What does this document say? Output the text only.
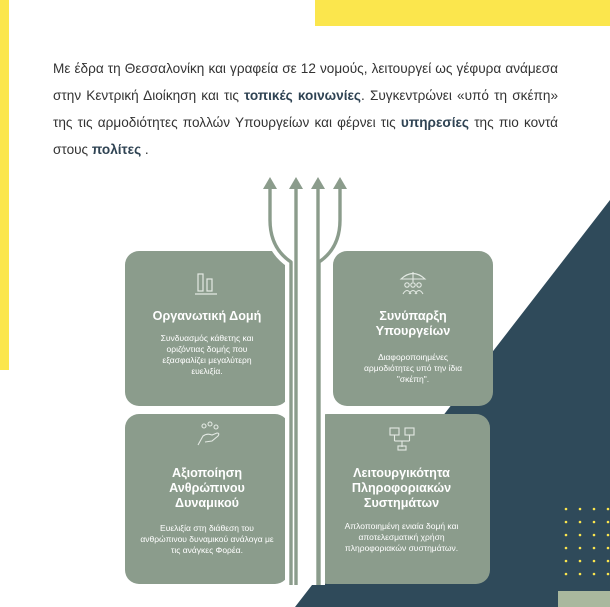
Με έδρα τη Θεσσαλονίκη και γραφεία σε 12 νομούς, λειτουργεί ως γέφυρα ανάμεσα στην Κεντρική Διοίκηση και τις τοπικές κοινωνίες. Συγκεντρώνει «υπό τη σκέπη» της τις αρμοδιότητες πολλών Υπουργείων και φέρνει τις υπηρεσίες της πιο κοντά στους πολίτες .

Οργανωτική Δομή

Συνδυασμός κάθετης και οριζόντιας δομής που εξασφαλίζει μεγαλύτερη ευελιξία.

Συνύπαρξη

Υπουργείων

Διαφοροποιημένες αρμοδιότητες υπό την ίδια "σκέπη".

Αξιοποίηση

Ανθρώπινου

Δυναμικού

Ευελιξία στη διάθεση του ανθρώπινου δυναμικού ανάλογα με τις ανάγκες Φορέα.

Λειτουργικότητα

Πληροφοριακών

Συστημάτων

Απλοποιημένη ενιαία δομή και αποτελεσματική χρήση πληροφοριακών συστημάτων.
